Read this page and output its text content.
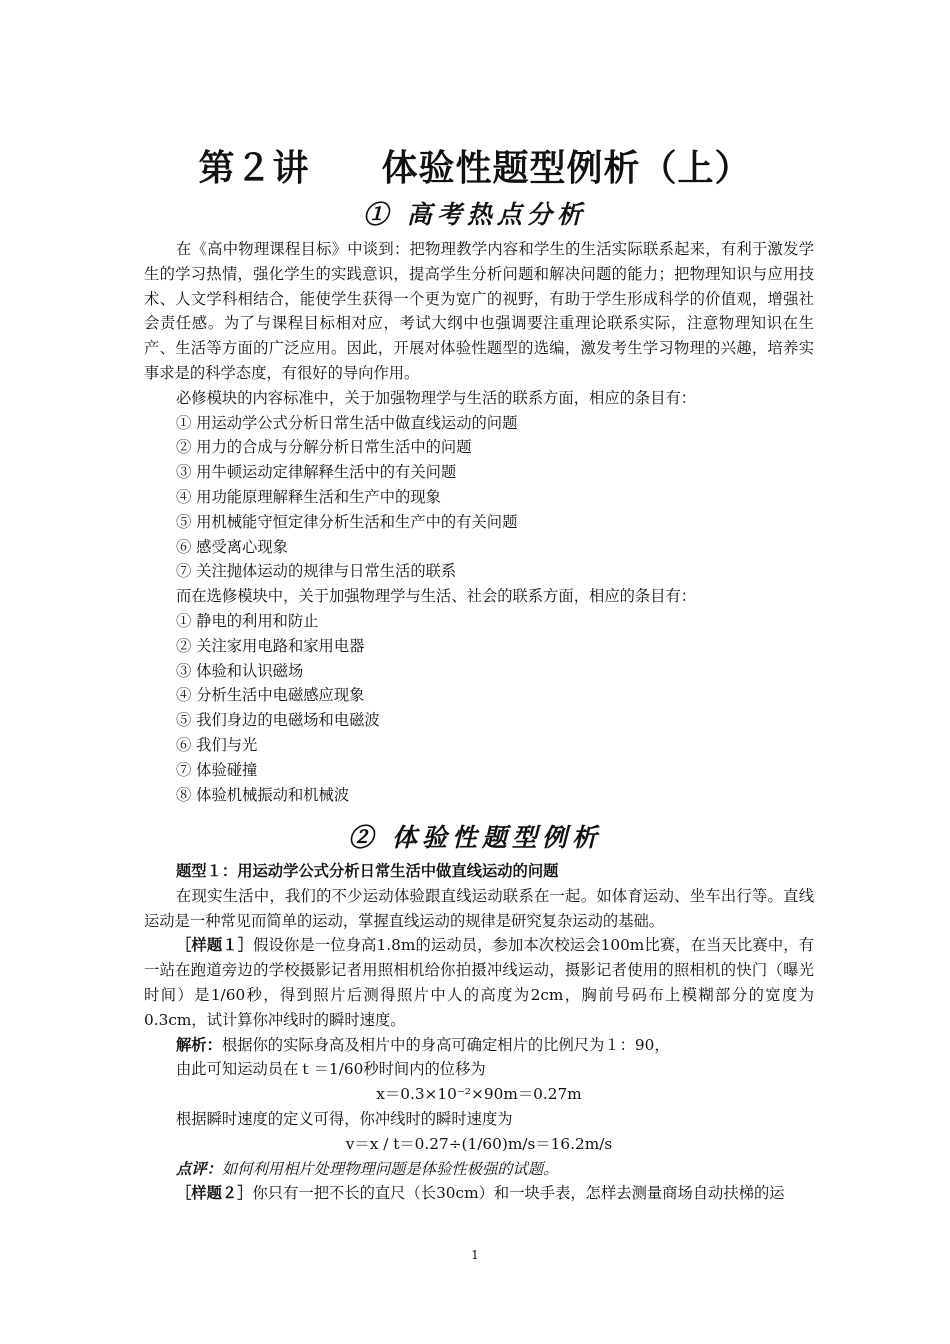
第２讲 体验性题型例析（上）
① 高考热点分析

在《高中物理课程目标》中谈到：把物理教学内容和学生的生活实际联系起来，有利于激发学生的学习热情，强化学生的实践意识，提高学生分析问题和解决问题的能力；把物理知识与应用技术、人文学科相结合，能使学生获得一个更为宽广的视野，有助于学生形成科学的价值观，增强社会责任感。为了与课程目标相对应，考试大纲中也强调要注重理论联系实际，注意物理知识在生产、生活等方面的广泛应用。因此，开展对体验性题型的选编，激发考生学习物理的兴趣，培养实事求是的科学态度，有很好的导向作用。

必修模块的内容标准中，关于加强物理学与生活的联系方面，相应的条目有：

① 用运动学公式分析日常生活中做直线运动的问题

② 用力的合成与分解分析日常生活中的问题

③ 用牛顿运动定律解释生活中的有关问题

④ 用功能原理解释生活和生产中的现象

⑤ 用机械能守恒定律分析生活和生产中的有关问题

⑥ 感受离心现象

⑦ 关注抛体运动的规律与日常生活的联系

而在选修模块中，关于加强物理学与生活、社会的联系方面，相应的条目有：

① 静电的利用和防止

② 关注家用电路和家用电器

③ 体验和认识磁场

④ 分析生活中电磁感应现象

⑤ 我们身边的电磁场和电磁波

⑥ 我们与光

⑦ 体验碰撞

⑧ 体验机械振动和机械波

② 体验性题型例析

题型１：用运动学公式分析日常生活中做直线运动的问题

在现实生活中，我们的不少运动体验跟直线运动联系在一起。如体育运动、坐车出行等。直线运动是一种常见而简单的运动，掌握直线运动的规律是研究复杂运动的基础。

［样题１］假设你是一位身高1.8m的运动员，参加本次校运会100m比赛，在当天比赛中，有一站在跑道旁边的学校摄影记者用照相机给你拍摄冲线运动，摄影记者使用的照相机的快门（曝光时间）是1/60秒，得到照片后测得照片中人的高度为2cm，胸前号码布上模糊部分的宽度为0.3cm，试计算你冲线时的瞬时速度。

解析：根据你的实际身高及相片中的身高可确定相片的比例尺为１：90，

由此可知运动员在ｔ＝1/60秒时间内的位移为

x＝0.3×10⁻²×90m＝0.27m

根据瞬时速度的定义可得，你冲线时的瞬时速度为

v＝x / t＝0.27÷(1/60)m/s＝16.2m/s

点评：如何利用相片处理物理问题是体验性极强的试题。

［样题２］你只有一把不长的直尺（长30cm）和一块手表，怎样去测量商场自动扶梯的运

1
